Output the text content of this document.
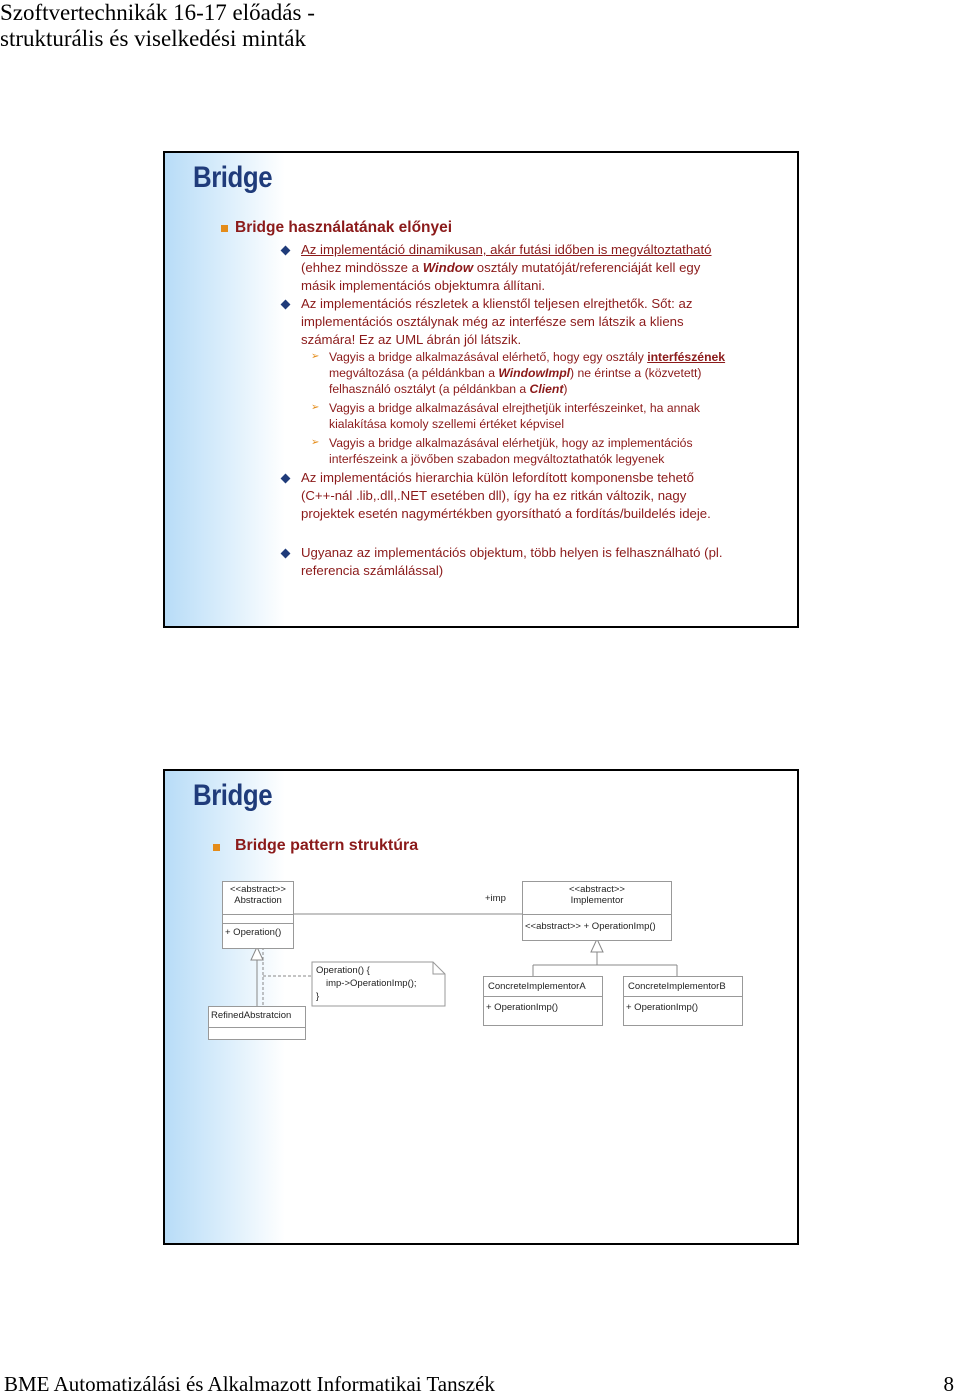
Szoftvertechnikák 16-17 előadás -
strukturális és viselkedési minták
Bridge
Bridge használatának előnyei
Az implementáció dinamikusan, akár futási időben is megváltoztatható
(ehhez mindössze a Window osztály mutatóját/referenciáját kell egy
másik implementációs objektumra állítani.
Az implementációs részletek a klienstől teljesen elrejthetők. Sőt: az
implementációs osztálynak még az interfésze sem látszik a kliens
számára! Ez az UML ábrán jól látszik.
➢ Vagyis a bridge alkalmazásával elérhető, hogy egy osztály interfészének
megváltozása (a példánkban a WindowImpl) ne érintse a (közvetett)
felhasználó osztályt (a példánkban a Client)
➢ Vagyis a bridge alkalmazásával elrejthetjük interfészeinket, ha annak
kialakítása komoly szellemi értéket képvisel
➢ Vagyis a bridge alkalmazásával elérhetjük, hogy az implementációs
interfészeink a jövőben szabadon megváltoztathatók legyenek
Az implementációs hierarchia külön lefordított komponensbe tehető
(C++-nál .lib,.dll,.NET esetében dll), így ha ez ritkán változik, nagy
projektek esetén nagymértékben gyorsítható a fordítás/buildelés ideje.
Ugyanaz az implementációs objektum, több helyen is felhasználható (pl.
referencia számlálással)
Bridge
Bridge pattern struktúra
<<abstract>>
Abstraction
+ Operation()
+imp
<<abstract>>
Implementor
<<abstract>> + OperationImp()
RefinedAbstratcion
Operation() {
imp->OperationImp();
}
ConcreteImplementorA
+ OperationImp()
ConcreteImplementorB
+ OperationImp()
BME Automatizálási és Alkalmazott Informatikai Tanszék	8
